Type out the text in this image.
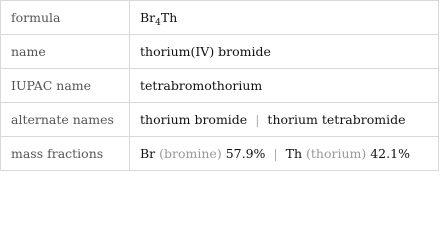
formula	$Br_4Th$
name	thorium(IV) bromide
IUPAC name	tetrabromothorium
alternate names	thorium bromide | thorium tetrabromide
mass fractions	Br (bromine) 57.9% | Th (thorium) 42.1%
